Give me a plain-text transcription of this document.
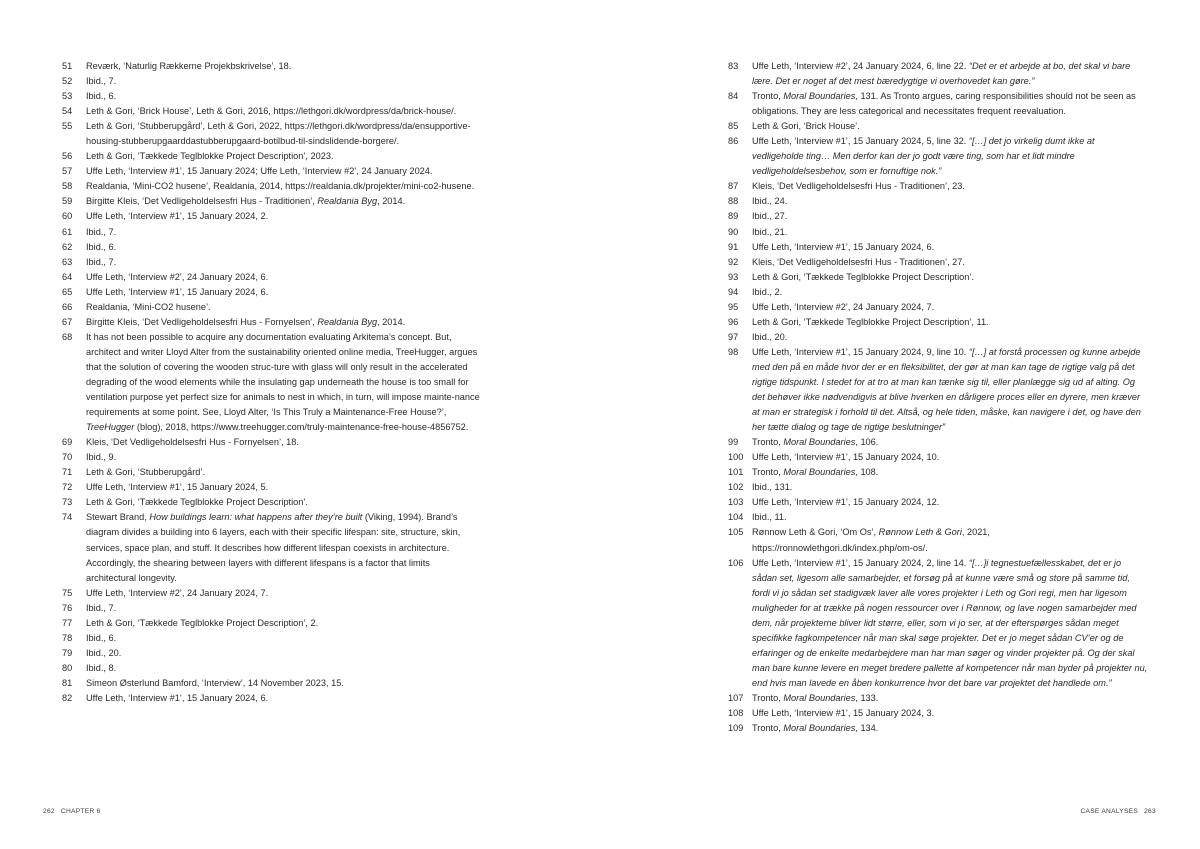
51	Reværk, ‘Naturlig Rækkerne Projekbskrivelse’, 18.
52	Ibid., 7.
53	Ibid., 6.
54	Leth & Gori, ‘Brick House’, Leth & Gori, 2016, https://lethgori.dk/wordpress/da/brick-house/.
55	Leth & Gori, ‘Stubberupgård’, Leth & Gori, 2022, https://lethgori.dk/wordpress/da/ensupportive-housing-stubberupgaarddastubberupgaard-botilbud-til-sindslidende-borgere/.
56	Leth & Gori, ‘Tækkede Teglblokke Project Description’, 2023.
57	Uffe Leth, ‘Interview #1’, 15 January 2024; Uffe Leth, ‘Interview #2’, 24 January 2024.
58	Realdania, ‘Mini-CO2 husene’, Realdania, 2014, https://realdania.dk/projekter/mini-co2-husene.
59	Birgitte Kleis, ‘Det Vedligeholdelsesfri Hus - Traditionen’, Realdania Byg, 2014.
60	Uffe Leth, ‘Interview #1’, 15 January 2024, 2.
61	Ibid., 7.
62	Ibid., 6.
63	Ibid., 7.
64	Uffe Leth, ‘Interview #2’, 24 January 2024, 6.
65	Uffe Leth, ‘Interview #1’, 15 January 2024, 6.
66	Realdania, ‘Mini-CO2 husene’.
67	Birgitte Kleis, ‘Det Vedligeholdelsesfri Hus - Fornyelsen’, Realdania Byg, 2014.
68	It has not been possible to acquire any documentation evaluating Arkitema’s concept. But, architect and writer Lloyd Alter from the sustainability oriented online media, TreeHugger, argues that the solution of covering the wooden struc-ture with glass will only result in the accelerated degrading of the wood elements while the insulating gap underneath the house is too small for ventilation purpose yet perfect size for animals to nest in which, in turn, will impose mainte-nance requirements at some point. See, Lloyd Alter, ‘Is This Truly a Maintenance-Free House?’, TreeHugger (blog), 2018, https://www.treehugger.com/truly-maintenance-free-house-4856752.
69	Kleis, ‘Det Vedligeholdelsesfri Hus - Fornyelsen’, 18.
70	Ibid., 9.
71	Leth & Gori, ‘Stubberupgård’.
72	Uffe Leth, ‘Interview #1’, 15 January 2024, 5.
73	Leth & Gori, ‘Tækkede Teglblokke Project Description’.
74	Stewart Brand, How buildings learn: what happens after they’re built (Viking, 1994). Brand’s diagram divides a building into 6 layers, each with their specific lifespan: site, structure, skin, services, space plan, and stuff. It describes how different lifespan coexists in architecture. Accordingly, the shearing between layers with different lifespans is a factor that limits architectural longevity.
75	Uffe Leth, ‘Interview #2’, 24 January 2024, 7.
76	Ibid., 7.
77	Leth & Gori, ‘Tækkede Teglblokke Project Description’, 2.
78	Ibid., 6.
79	Ibid., 20.
80	Ibid., 8.
81	Simeon Østerlund Bamford, ‘Interview’, 14 November 2023, 15.
82	Uffe Leth, ‘Interview #1’, 15 January 2024, 6.
83	Uffe Leth, ‘Interview #2’, 24 January 2024, 6, line 22. “Det er et arbejde at bo, det skal vi bare lære. Det er noget af det mest bæredygtige vi overhovedet kan gøre.”
84	Tronto, Moral Boundaries, 131. As Tronto argues, caring responsibilities should not be seen as obligations. They are less categorical and necessitates frequent reevaluation.
85	Leth & Gori, ‘Brick House’.
86	Uffe Leth, ‘Interview #1’, 15 January 2024, 5, line 32. “[…] det jo virkelig dumt ikke at vedligeholde ting… Men derfor kan der jo godt være ting, som har et lidt mindre vedligeholdelsesbehov, som er fornuftige nok.”
87	Kleis, ‘Det Vedligeholdelsesfri Hus - Traditionen’, 23.
88	Ibid., 24.
89	Ibid., 27.
90	Ibid., 21.
91	Uffe Leth, ‘Interview #1’, 15 January 2024, 6.
92	Kleis, ‘Det Vedligeholdelsesfri Hus - Traditionen’, 27.
93	Leth & Gori, ‘Tækkede Teglblokke Project Description’.
94	Ibid., 2.
95	Uffe Leth, ‘Interview #2’, 24 January 2024, 7.
96	Leth & Gori, ‘Tækkede Teglblokke Project Description’, 11.
97	Ibid., 20.
98	Uffe Leth, ‘Interview #1’, 15 January 2024, 9, line 10. “[…] at forstå processen og kunne arbejde med den på en måde hvor der er en fleksibilitet, der gør at man kan tage de rigtige valg på det rigtige tidspunkt. I stedet for at tro at man kan tænke sig til, eller planlægge sig ud af alting. Og det behøver ikke nødvendigvis at blive hverken en dårligere proces eller en dyrere, men kræver at man er strategisk i forhold til det. Altså, og hele tiden, måske, kan navigere i det, og have den her tætte dialog og tage de rigtige beslutninger”
99	Tronto, Moral Boundaries, 106.
100 Uffe Leth, ‘Interview #1’, 15 January 2024, 10.
101 Tronto, Moral Boundaries, 108.
102 Ibid., 131.
103 Uffe Leth, ‘Interview #1’, 15 January 2024, 12.
104 Ibid., 11.
105 Rønnow Leth & Gori, ‘Om Os’, Rønnow Leth & Gori, 2021, https://ronnowlethgori.dk/index.php/om-os/.
106 Uffe Leth, ‘Interview #1’, 15 January 2024, 2, line 14. “[…]i tegnestuefællesskabet, det er jo sådan set, ligesom alle samarbejder, et forsøg på at kunne være små og store på samme tid, fordi vi jo sådan set stadigvæk laver alle vores projekter i Leth og Gori regi, men har ligesom muligheder for at trække på nogen ressourcer over i Rønnow, og lave nogen samarbejder med dem, når projekterne bliver lidt større, eller, som vi jo ser, at der efterspørges sådan meget specifikke fagkompetencer når man skal søge projekter. Det er jo meget sådan CV’er og de erfaringer og de enkelte medarbejdere man har man søger og vinder projekter på. Og der skal man bare kunne levere en meget bredere pallette af kompetencer når man byder på projekter nu, end hvis man lavede en åben konkurrence hvor det bare var projektet det handlede om.”
107 Tronto, Moral Boundaries, 133.
108 Uffe Leth, ‘Interview #1’, 15 January 2024, 3.
109 Tronto, Moral Boundaries, 134.
262 CHAPTER 6	CASE ANALYSES 263
